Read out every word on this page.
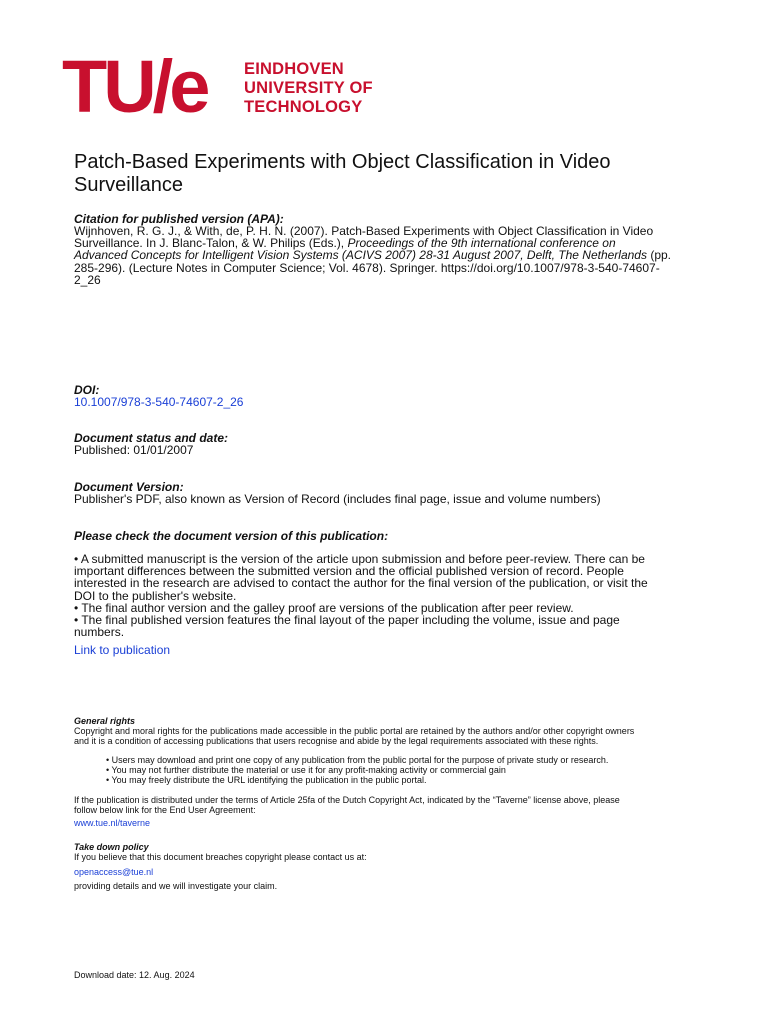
TU/e EINDHOVEN
UNIVERSITY OF
TECHNOLOGY
Patch-Based Experiments with Object Classification in Video
Surveillance
Citation for published version (APA):
Wijnhoven, R. G. J., & With, de, P. H. N. (2007). Patch-Based Experiments with Object Classification in Video
Surveillance. In J. Blanc-Talon, & W. Philips (Eds.), Proceedings of the 9th international conference on
Advanced Concepts for Intelligent Vision Systems (ACIVS 2007) 28-31 August 2007, Delft, The Netherlands (pp.
285-296). (Lecture Notes in Computer Science; Vol. 4678). Springer. https://doi.org/10.1007/978-3-540-74607-
2_26
DOI:
10.1007/978-3-540-74607-2_26
Document status and date:
Published: 01/01/2007
Document Version:
Publisher's PDF, also known as Version of Record (includes final page, issue and volume numbers)
Please check the document version of this publication:
• A submitted manuscript is the version of the article upon submission and before peer-review. There can be
important differences between the submitted version and the official published version of record. People
interested in the research are advised to contact the author for the final version of the publication, or visit the
DOI to the publisher's website.
• The final author version and the galley proof are versions of the publication after peer review.
• The final published version features the final layout of the paper including the volume, issue and page
numbers.
Link to publication
General rights
Copyright and moral rights for the publications made accessible in the public portal are retained by the authors and/or other copyright owners
and it is a condition of accessing publications that users recognise and abide by the legal requirements associated with these rights.
• Users may download and print one copy of any publication from the public portal for the purpose of private study or research.
• You may not further distribute the material or use it for any profit-making activity or commercial gain
• You may freely distribute the URL identifying the publication in the public portal.
If the publication is distributed under the terms of Article 25fa of the Dutch Copyright Act, indicated by the “Taverne” license above, please
follow below link for the End User Agreement:
www.tue.nl/taverne
Take down policy
If you believe that this document breaches copyright please contact us at:
openaccess@tue.nl
providing details and we will investigate your claim.
Download date: 12. Aug. 2024
